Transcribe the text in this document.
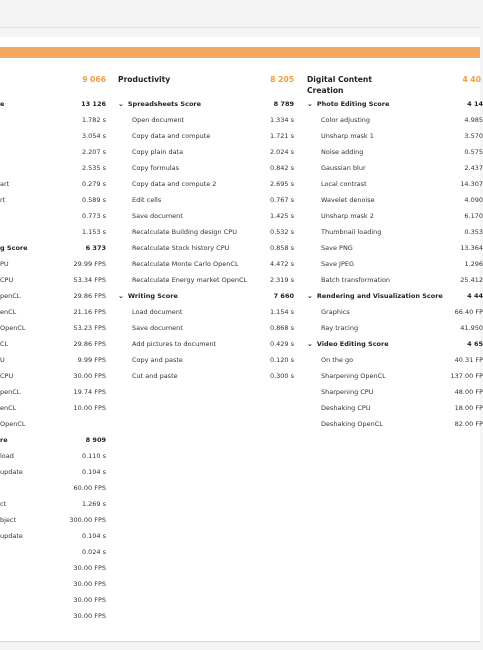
9 066
e	13 126
1.782 s
3.054 s
2.207 s
2.535 s
art	0.279 s
rt	0.589 s
0.773 s
1.153 s
g Score	6 373
PU	29.99 FPS
CPU	53.34 FPS
penCL	29.86 FPS
enCL	21.16 FPS
OpenCL	53.23 FPS
CL	29.86 FPS
U	9.99 FPS
CPU	30.00 FPS
penCL	19.74 FPS
enCL	10.00 FPS
OpenCL
re	8 909
load	0.110 s
update	0.104 s
60.00 FPS
ct	1.269 s
bject	300.00 FPS
update	0.104 s
0.024 s
30.00 FPS
30.00 FPS
30.00 FPS
30.00 FPS
Productivity	8 205
⌄ Spreadsheets Score	8 789
Open document	1.334 s
Copy data and compute	1.721 s
Copy plain data	2.024 s
Copy formulas	0.842 s
Copy data and compute 2	2.695 s
Edit cells	0.767 s
Save document	1.425 s
Recalculate Building design CPU	0.532 s
Recalculate Stock history CPU	0.858 s
Recalculate Monte Carlo OpenCL	4.472 s
Recalculate Energy market OpenCL	2.319 s
⌄ Writing Score	7 660
Load document	1.154 s
Save document	0.868 s
Add pictures to document	0.429 s
Copy and paste	0.120 s
Cut and paste	0.300 s
Digital Content Creation
4 40
⌄ Photo Editing Score	4 14
Color adjusting	4.985
Unsharp mask 1	3.570
Noise adding	0.575
Gaussian blur	2.437
Local contrast	14.307
Wavelet denoise	4.090
Unsharp mask 2	6.170
Thumbnail loading	0.353
Save PNG	13.364
Save JPEG	1.296
Batch transformation	25.412
⌄ Rendering and Visualization Score	4 44
Graphics	66.40 FP
Ray tracing	41.950
⌄ Video Editing Score	4 65
On the go	40.31 FP
Sharpening OpenCL	137.00 FP
Sharpening CPU	48.00 FP
Deshaking CPU	18.00 FP
Deshaking OpenCL	82.00 FP
